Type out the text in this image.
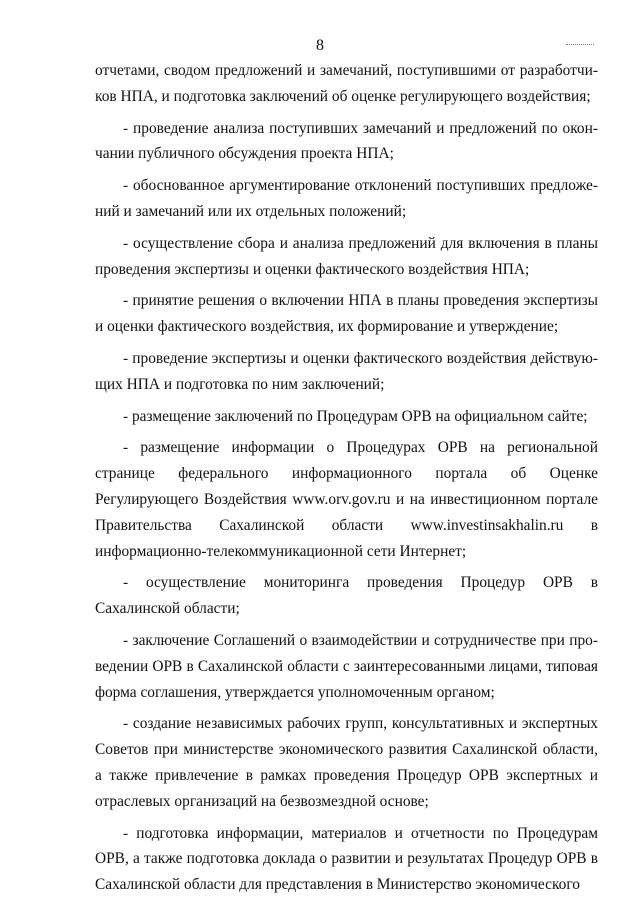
8

отчетами, сводом предложений и замечаний, поступившими от разработчиков НПА, и подготовка заключений об оценке регулирующего воздействия;

- проведение анализа поступивших замечаний и предложений по окончании публичного обсуждения проекта НПА;

- обоснованное аргументирование отклонений поступивших предложений и замечаний или их отдельных положений;

- осуществление сбора и анализа предложений для включения в планы проведения экспертизы и оценки фактического воздействия НПА;

- принятие решения о включении НПА в планы проведения экспертизы и оценки фактического воздействия, их формирование и утверждение;

- проведение экспертизы и оценки фактического воздействия действующих НПА и подготовка по ним заключений;

- размещение заключений по Процедурам ОРВ на официальном сайте;

- размещение информации о Процедурах ОРВ на региональной странице федерального информационного портала об Оценке Регулирующего Воздействия www.orv.gov.ru и на инвестиционном портале Правительства Сахалинской области www.investinsakhalin.ru в информационно-телекоммуникационной сети Интернет;

- осуществление мониторинга проведения Процедур ОРВ в Сахалинской области;

- заключение Соглашений о взаимодействии и сотрудничестве при проведении ОРВ в Сахалинской области с заинтересованными лицами, типовая форма соглашения, утверждается уполномоченным органом;

- создание независимых рабочих групп, консультативных и экспертных Советов при министерстве экономического развития Сахалинской области, а также привлечение в рамках проведения Процедур ОРВ экспертных и отраслевых организаций на безвозмездной основе;

- подготовка информации, материалов и отчетности по Процедурам ОРВ, а также подготовка доклада о развитии и результатах Процедур ОРВ в Сахалинской области для представления в Министерство экономического
